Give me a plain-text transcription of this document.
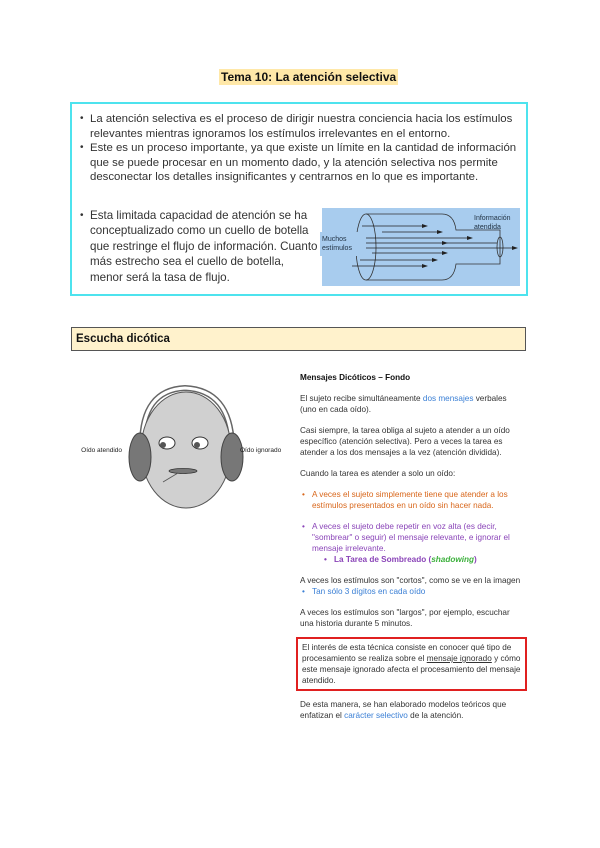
Tema 10: La atención selectiva
• La atención selectiva es el proceso de dirigir nuestra conciencia hacia los estímulos relevantes mientras ignoramos los estímulos irrelevantes en el entorno.
• Este es un proceso importante, ya que existe un límite en la cantidad de información que se puede procesar en un momento dado, y la atención selectiva nos permite desconectar los detalles insignificantes y centrarnos en lo que es importante.
• Esta limitada capacidad de atención se ha conceptualizado como un cuello de botella que restringe el flujo de información. Cuanto más estrecho sea el cuello de botella, menor será la tasa de flujo.
Muchos estímulos
Información atendida
Escucha dicótica
Oído atendido	Oído ignorado

Mensajes Dicóticos – Fondo

El sujeto recibe simultáneamente dos mensajes verbales (uno en cada oído).

Casi siempre, la tarea obliga al sujeto a atender a un oído específico (atención selectiva). Pero a veces la tarea es atender a los dos mensajes a la vez (atención dividida).

Cuando la tarea es atender a solo un oído:

• A veces el sujeto simplemente tiene que atender a los estímulos presentados en un oído sin hacer nada.
• A veces el sujeto debe repetir en voz alta (es decir, "sombrear" o seguir) el mensaje relevante, e ignorar el mensaje irrelevante.
• La Tarea de Sombreado (shadowing)

A veces los estímulos son "cortos", como se ve en la imagen

• Tan sólo 3 dígitos en cada oído

A veces los estímulos son "largos", por ejemplo, escuchar una historia durante 5 minutos.

El interés de esta técnica consiste en conocer qué tipo de procesamiento se realiza sobre el mensaje ignorado y cómo este mensaje ignorado afecta el procesamiento del mensaje atendido.

De esta manera, se han elaborado modelos teóricos que enfatizan el carácter selectivo de la atención.
